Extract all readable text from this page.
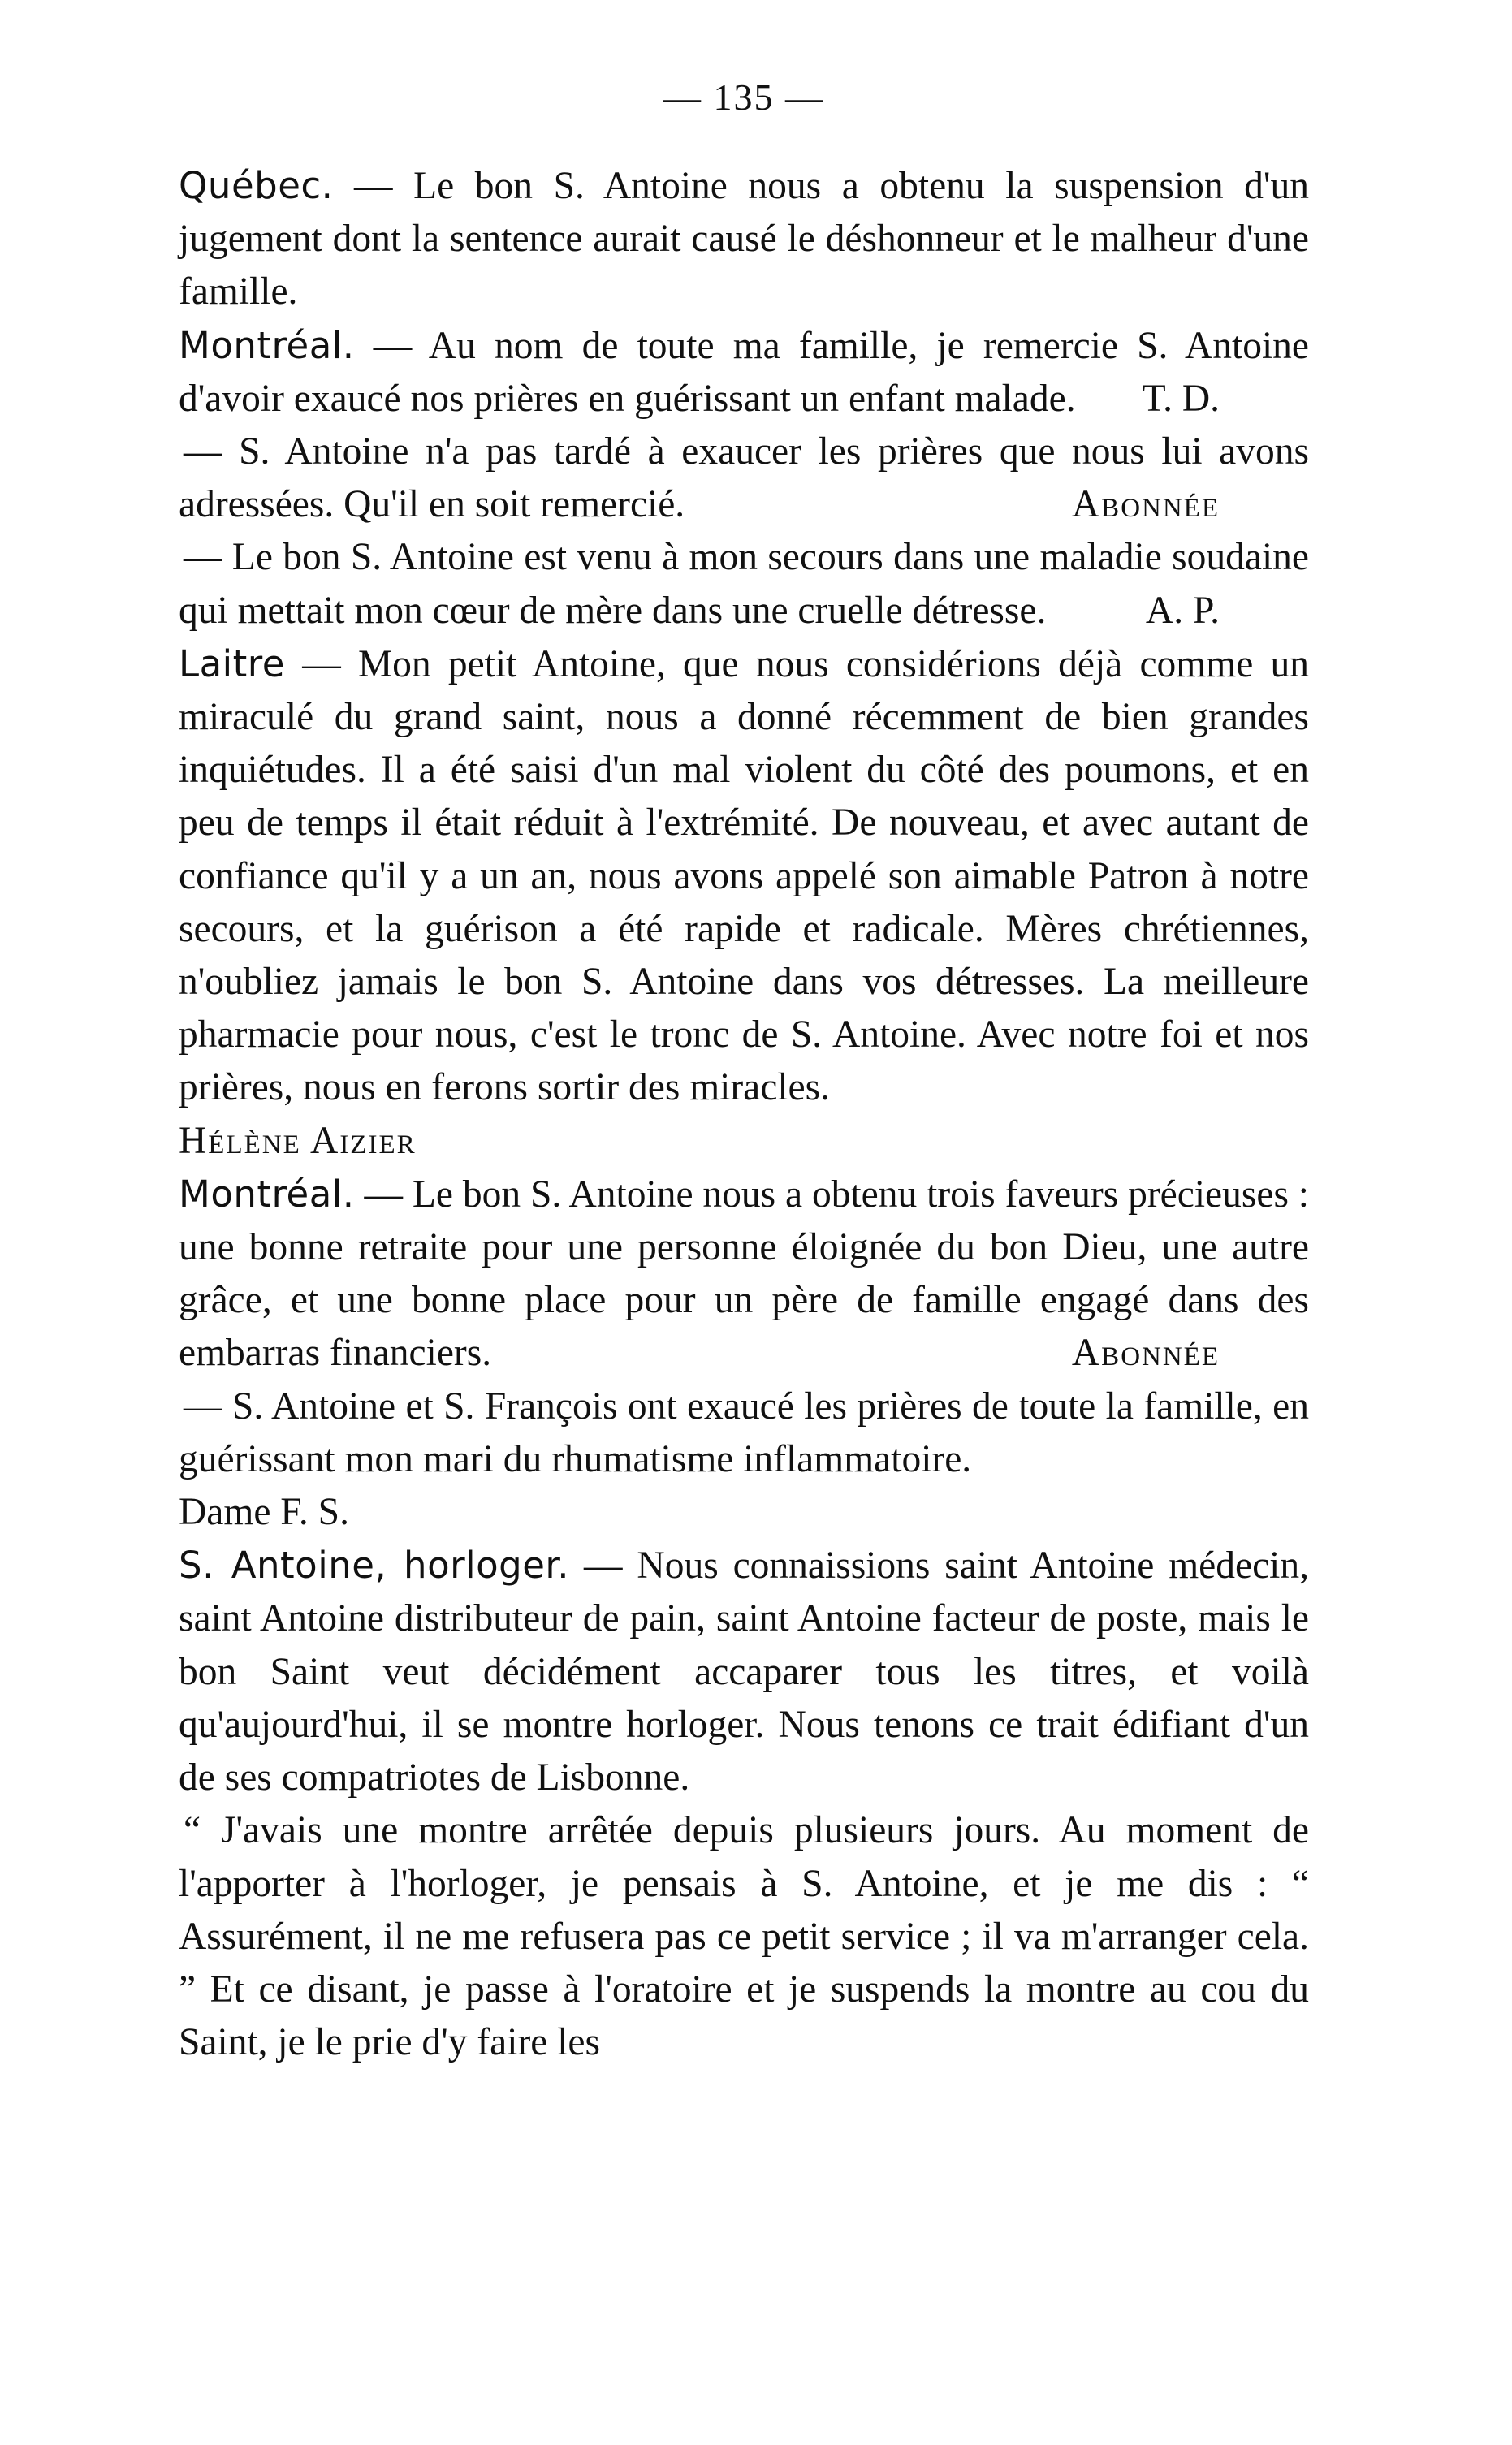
— 135 —

Québec. — Le bon S. Antoine nous a obtenu la suspension d'un jugement dont la sentence aurait causé le déshonneur et le malheur d'une famille.

Montréal. — Au nom de toute ma famille, je remercie S. Antoine d'avoir exaucé nos prières en guérissant un enfant malade. T. D.

— S. Antoine n'a pas tardé à exaucer les prières que nous lui avons adressées. Qu'il en soit remercié.	Abonnée

— Le bon S. Antoine est venu à mon secours dans une maladie soudaine qui mettait mon cœur de mère dans une cruelle détresse.	A. P.

Laitre — Mon petit Antoine, que nous considérions déjà comme un miraculé du grand saint, nous a donné récemment de bien grandes inquiétudes. Il a été saisi d'un mal violent du côté des poumons, et en peu de temps il était réduit à l'extrémité. De nouveau, et avec autant de confiance qu'il y a un an, nous avons appelé son aimable Patron à notre secours, et la guérison a été rapide et radicale. Mères chrétiennes, n'oubliez jamais le bon S. Antoine dans vos détresses. La meilleure pharmacie pour nous, c'est le tronc de S. Antoine. Avec notre foi et nos prières, nous en ferons sortir des miracles.

Hélène Aizier

Montréal. — Le bon S. Antoine nous a obtenu trois faveurs précieuses : une bonne retraite pour une personne éloignée du bon Dieu, une autre grâce, et une bonne place pour un père de famille engagé dans des embarras financiers.	Abonnée

— S. Antoine et S. François ont exaucé les prières de toute la famille, en guérissant mon mari du rhumatisme inflammatoire.

Dame F. S.

S. Antoine, horloger. — Nous connaissions saint Antoine médecin, saint Antoine distributeur de pain, saint Antoine facteur de poste, mais le bon Saint veut décidément accaparer tous les titres, et voilà qu'aujourd'hui, il se montre horloger. Nous tenons ce trait édifiant d'un de ses compatriotes de Lisbonne.

“ J'avais une montre arrêtée depuis plusieurs jours. Au moment de l'apporter à l'horloger, je pensais à S. Antoine, et je me dis : “ Assurément, il ne me refusera pas ce petit service ; il va m'arranger cela. ” Et ce disant, je passe à l'oratoire et je suspends la montre au cou du Saint, je le prie d'y faire les
